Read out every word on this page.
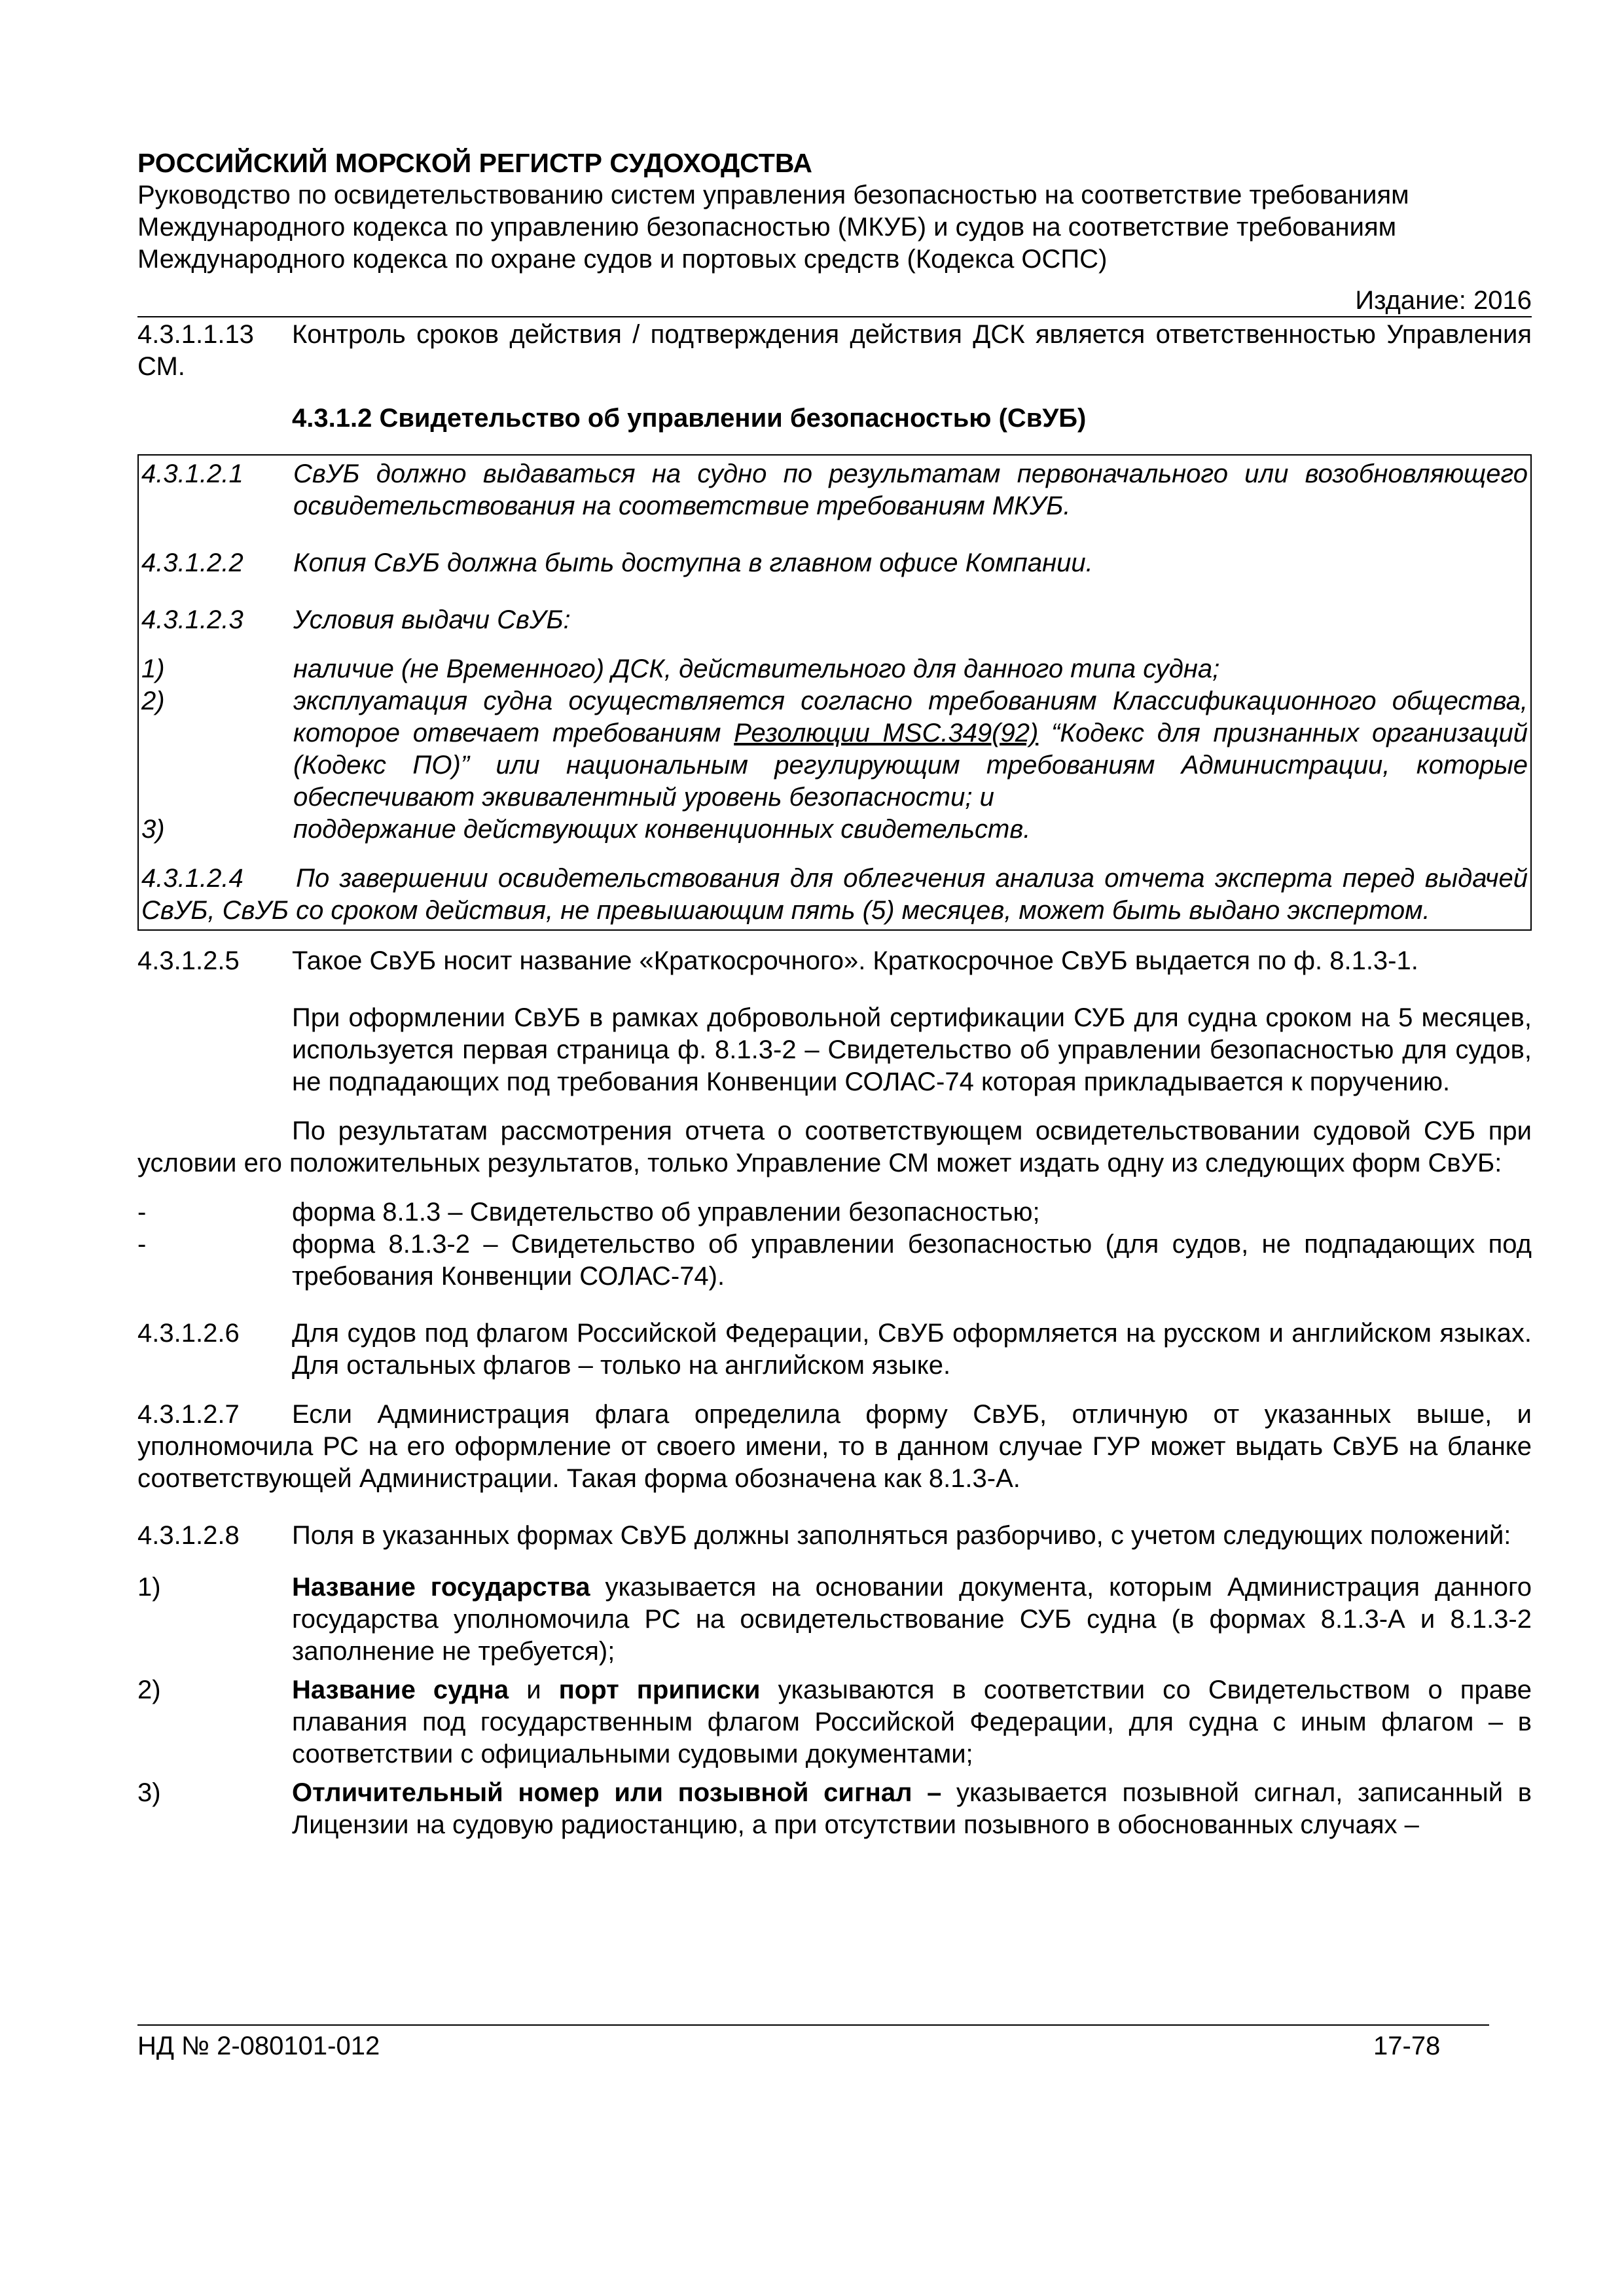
РОССИЙСКИЙ МОРСКОЙ РЕГИСТР СУДОХОДСТВА
Руководство по освидетельствованию систем управления безопасностью на соответствие требованиям
Международного кодекса по управлению безопасностью (МКУБ) и судов на соответствие требованиям
Международного кодекса по охране судов и портовых средств (Кодекса ОСПС)
Издание: 2016
4.3.1.1.13	Контроль сроков действия / подтверждения действия ДСК является ответственностью Управления СМ.
4.3.1.2 Свидетельство об управлении безопасностью (СвУБ)
4.3.1.2.1	СвУБ должно выдаваться на судно по результатам первоначального или возобновляющего освидетельствования на соответствие требованиям МКУБ.
4.3.1.2.2	Копия СвУБ должна быть доступна в главном офисе Компании.
4.3.1.2.3	Условия выдачи СвУБ:
1)	наличие (не Временного) ДСК, действительного для данного типа судна;
2)	эксплуатация судна осуществляется согласно требованиям Классификационного общества, которое отвечает требованиям Резолюции MSC.349(92) “Кодекс для признанных организаций (Кодекс ПО)” или национальным регулирующим требованиям Администрации, которые обеспечивают эквивалентный уровень безопасности; и
3)	поддержание действующих конвенционных свидетельств.
4.3.1.2.4 По завершении освидетельствования для облегчения анализа отчета эксперта перед выдачей СвУБ, СвУБ со сроком действия, не превышающим пять (5) месяцев, может быть выдано экспертом.
4.3.1.2.5	Такое СвУБ носит название «Краткосрочного». Краткосрочное СвУБ выдается по ф. 8.1.3-1.
При оформлении СвУБ в рамках добровольной сертификации СУБ для судна сроком на 5 месяцев, используется первая страница ф. 8.1.3-2 – Свидетельство об управлении безопасностью для судов, не подпадающих под требования Конвенции СОЛАС-74 которая прикладывается к поручению.
По результатам рассмотрения отчета о соответствующем освидетельствовании судовой СУБ при условии его положительных результатов, только Управление СМ может издать одну из следующих форм СвУБ:
-	форма 8.1.3 – Свидетельство об управлении безопасностью;
-	форма 8.1.3-2 – Свидетельство об управлении безопасностью (для судов, не подпадающих под требования Конвенции СОЛАС-74).
4.3.1.2.6	Для судов под флагом Российской Федерации, СвУБ оформляется на русском и английском языках. Для остальных флагов – только на английском языке.
4.3.1.2.7 Если Администрация флага определила форму СвУБ, отличную от указанных выше, и уполномочила РС на его оформление от своего имени, то в данном случае ГУР может выдать СвУБ на бланке соответствующей Администрации. Такая форма обозначена как 8.1.3-А.
4.3.1.2.8 Поля в указанных формах СвУБ должны заполняться разборчиво, с учетом следующих положений:
1)	Название государства указывается на основании документа, которым Администрация данного государства уполномочила РС на освидетельствование СУБ судна (в формах 8.1.3-А и 8.1.3-2 заполнение не требуется);
2)	Название судна и порт приписки указываются в соответствии со Свидетельством о праве плавания под государственным флагом Российской Федерации, для судна с иным флагом – в соответствии с официальными судовыми документами;
3)	Отличительный номер или позывной сигнал – указывается позывной сигнал, записанный в Лицензии на судовую радиостанцию, а при отсутствии позывного в обоснованных случаях –
НД № 2-080101-012	17-78
